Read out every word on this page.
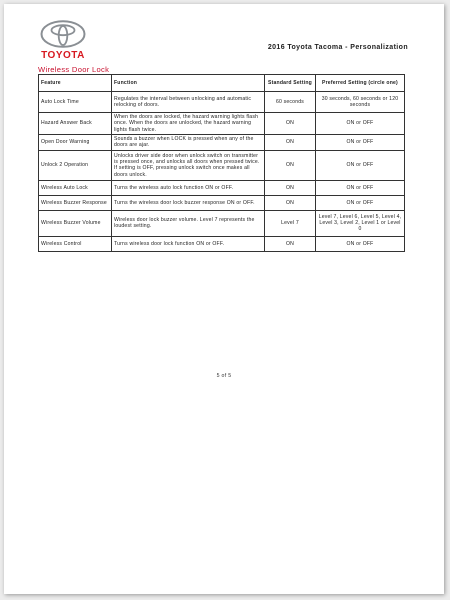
TOYOTA
2016 Toyota Tacoma - Personalization
Wireless Door Lock
Feature	Function	Standard Setting	Preferred Setting (circle one)
Auto Lock Time	Regulates the interval between unlocking and automatic relocking of doors.	60 seconds	30 seconds, 60 seconds or 120 seconds
Hazard Answer Back	When the doors are locked, the hazard warning lights flash once. When the doors are unlocked, the hazard warning lights flash twice.	ON	ON or OFF
Open Door Warning	Sounds a buzzer when LOCK is pressed when any of the doors are ajar.	ON	ON or OFF
Unlock 2 Operation	Unlocks driver side door when unlock switch on transmitter is pressed once, and unlocks all doors when pressed twice. If setting is OFF, pressing unlock switch once makes all doors unlock.	ON	ON or OFF
Wireless Auto Lock	Turns the wireless auto lock function ON or OFF.	ON	ON or OFF
Wireless Buzzer Response	Turns the wireless door lock buzzer response ON or OFF.	ON	ON or OFF
Wireless Buzzer Volume	Wireless door lock buzzer volume. Level 7 represents the loudest setting.	Level 7	Level 7, Level 6, Level 5, Level 4, Level 3, Level 2, Level 1 or Level 0
Wireless Control	Turns wireless door lock function ON or OFF.	ON	ON or OFF
5 of 5
